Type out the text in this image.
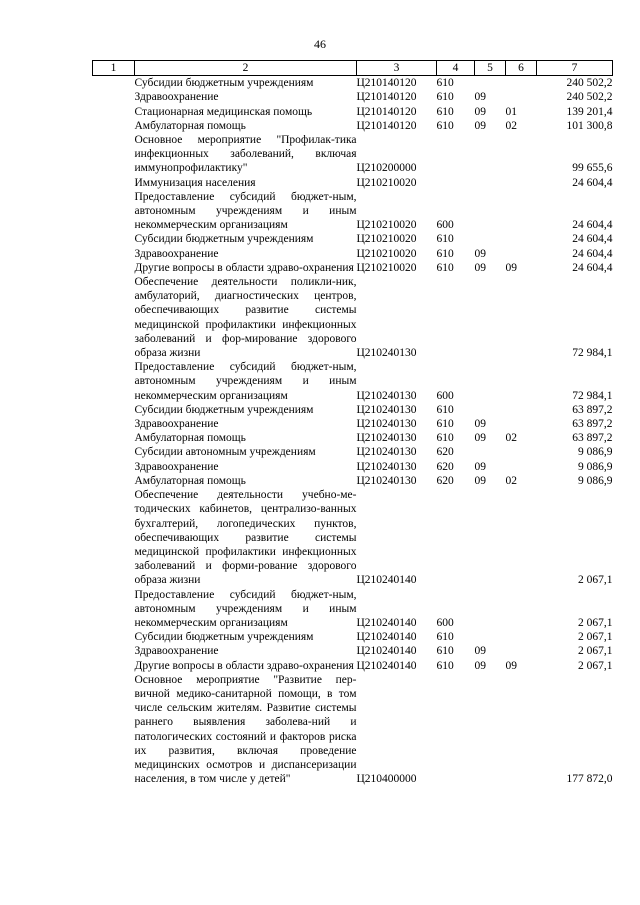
46
1	2	3	4	5	6	7
	Субсидии бюджетным учреждениям	Ц210140120	610			240 502,2
	Здравоохранение	Ц210140120	610	09		240 502,2
	Стационарная медицинская помощь	Ц210140120	610	09	01	139 201,4
	Амбулаторная помощь	Ц210140120	610	09	02	101 300,8
	Основное мероприятие "Профилак-тика инфекционных заболеваний, включая иммунопрофилактику"	Ц210200000				99 655,6
	Иммунизация населения	Ц210210020				24 604,4
	Предоставление субсидий бюджет-ным, автономным учреждениям и иным некоммерческим организациям	Ц210210020	600			24 604,4
	Субсидии бюджетным учреждениям	Ц210210020	610			24 604,4
	Здравоохранение	Ц210210020	610	09		24 604,4
	Другие вопросы в области здраво-охранения	Ц210210020	610	09	09	24 604,4
	Обеспечение деятельности поликли-ник, амбулаторий, диагностических центров, обеспечивающих развитие системы медицинской профилактики инфекционных заболеваний и фор-мирование здорового образа жизни	Ц210240130				72 984,1
	Предоставление субсидий бюджет-ным, автономным учреждениям и иным некоммерческим организациям	Ц210240130	600			72 984,1
	Субсидии бюджетным учреждениям	Ц210240130	610			63 897,2
	Здравоохранение	Ц210240130	610	09		63 897,2
	Амбулаторная помощь	Ц210240130	610	09	02	63 897,2
	Субсидии автономным учреждениям	Ц210240130	620			9 086,9
	Здравоохранение	Ц210240130	620	09		9 086,9
	Амбулаторная помощь	Ц210240130	620	09	02	9 086,9
	Обеспечение деятельности учебно-ме-тодических кабинетов, централизо-ванных бухгалтерий, логопедических пунктов, обеспечивающих развитие системы медицинской профилактики инфекционных заболеваний и форми-рование здорового образа жизни	Ц210240140				2 067,1
	Предоставление субсидий бюджет-ным, автономным учреждениям и иным некоммерческим организациям	Ц210240140	600			2 067,1
	Субсидии бюджетным учреждениям	Ц210240140	610			2 067,1
	Здравоохранение	Ц210240140	610	09		2 067,1
	Другие вопросы в области здраво-охранения	Ц210240140	610	09	09	2 067,1
	Основное мероприятие "Развитие пер-вичной медико-санитарной помощи, в том числе сельским жителям. Развитие системы раннего выявления заболева-ний и патологических состояний и факторов риска их развития, включая проведение медицинских осмотров и диспансеризации населения, в том числе у детей"	Ц210400000				177 872,0
